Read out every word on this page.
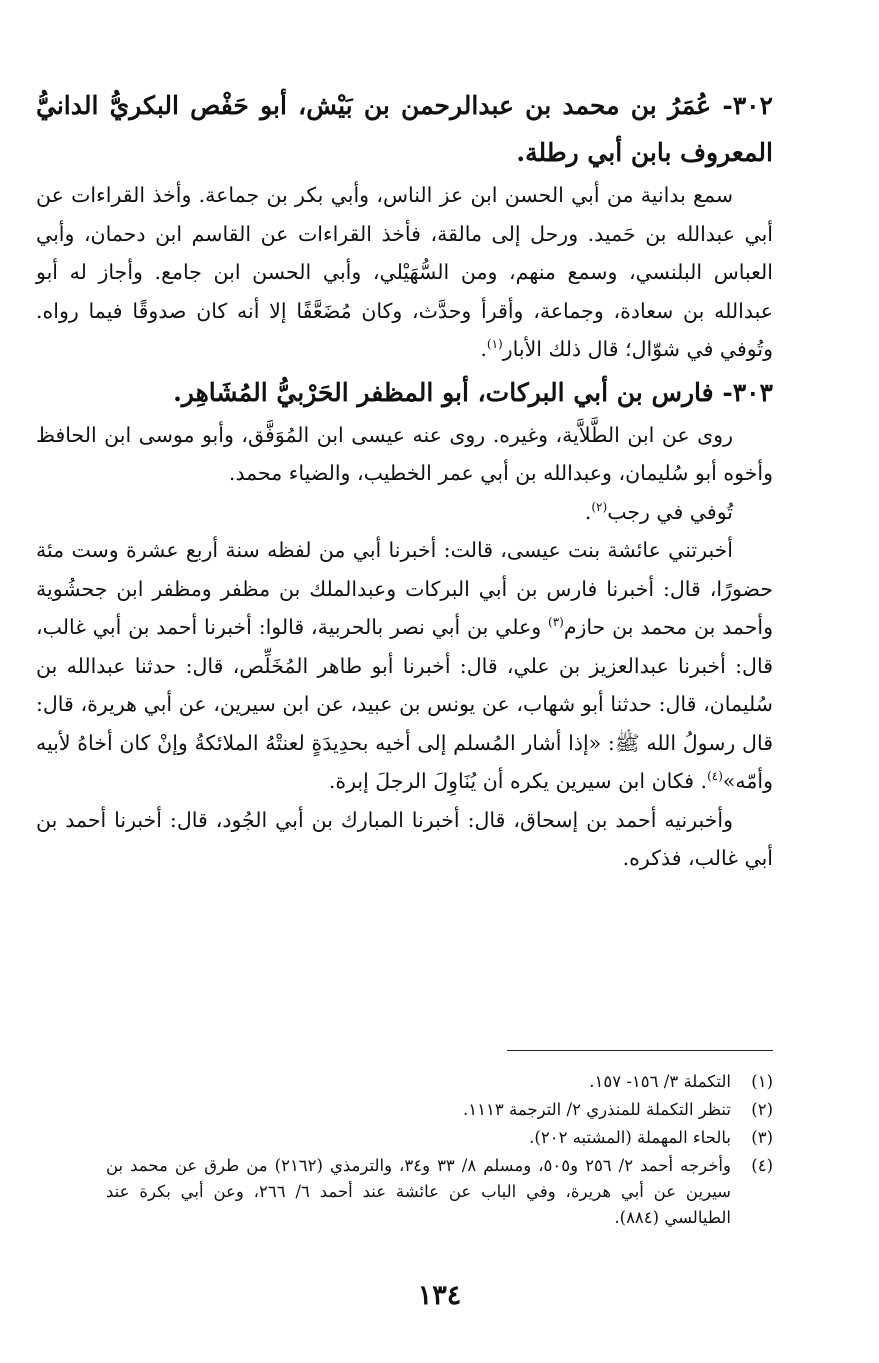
٣٠٢- عُمَرُ بن محمد بن عبدالرحمن بن بَيْش، أبو حَفْص البكريُّ الدانيُّ المعروف بابن أبي رطلة.

سمع بدانية من أبي الحسن ابن عز الناس، وأبي بكر بن جماعة. وأخذ القراءات عن أبي عبدالله بن حَميد. ورحل إلى مالقة، فأخذ القراءات عن القاسم ابن دحمان، وأبي العباس البلنسي، وسمع منهم، ومن السُّهَيْلي، وأبي الحسن ابن جامع. وأجاز له أبو عبدالله بن سعادة، وجماعة، وأقرأ وحدَّث، وكان مُضَعَّفًا إلا أنه كان صدوقًا فيما رواه. وتُوفي في شوّال؛ قال ذلك الأبار$^{(١)}$.

٣٠٣- فارس بن أبي البركات، أبو المظفر الحَرْبيُّ المُشَاهِر.

روى عن ابن الطَّلاَّية، وغيره. روى عنه عيسى ابن المُوَفَّق، وأبو موسى ابن الحافظ وأخوه أبو سُليمان، وعبدالله بن أبي عمر الخطيب، والضياء محمد.

تُوفي في رجب$^{(٢)}$.

أخبرتني عائشة بنت عيسى، قالت: أخبرنا أبي من لفظه سنة أربع عشرة وست مئة حضورًا، قال: أخبرنا فارس بن أبي البركات وعبدالملك بن مظفر ومظفر ابن جحشُوية وأحمد بن محمد بن حازم$^{(٣)}$ وعلي بن أبي نصر بالحربية، قالوا: أخبرنا أحمد بن أبي غالب، قال: أخبرنا عبدالعزيز بن علي، قال: أخبرنا أبو طاهر المُخَلِّص، قال: حدثنا عبدالله بن سُليمان، قال: حدثنا أبو شهاب، عن يونس بن عبيد، عن ابن سيرين، عن أبي هريرة، قال: قال رسولُ الله ﷺ: «إذا أشار المُسلم إلى أخيه بحدِيدَةٍ لعنتْهُ الملائكةُ وإنْ كان أخاهُ لأبيه وأمّه»$^{(٤)}$. فكان ابن سيرين يكره أن يُنَاوِلَ الرجلَ إبرة.

وأخبرنيه أحمد بن إسحاق، قال: أخبرنا المبارك بن أبي الجُود، قال: أخبرنا أحمد بن أبي غالب، فذكره.

(١)
التكملة ٣/ ١٥٦- ١٥٧.
(٢)
تنظر التكملة للمنذري ٢/ الترجمة ١١١٣.
(٣)
بالحاء المهملة (المشتبه ٢٠٢).
(٤)
وأخرجه أحمد ٢/ ٢٥٦ و٥٠٥، ومسلم ٨/ ٣٣ و٣٤، والترمذي (٢١٦٢) من طرق عن محمد بن سيرين عن أبي هريرة، وفي الباب عن عائشة عند أحمد ٦/ ٢٦٦، وعن أبي بكرة عند الطيالسي (٨٨٤).
١٣٤
